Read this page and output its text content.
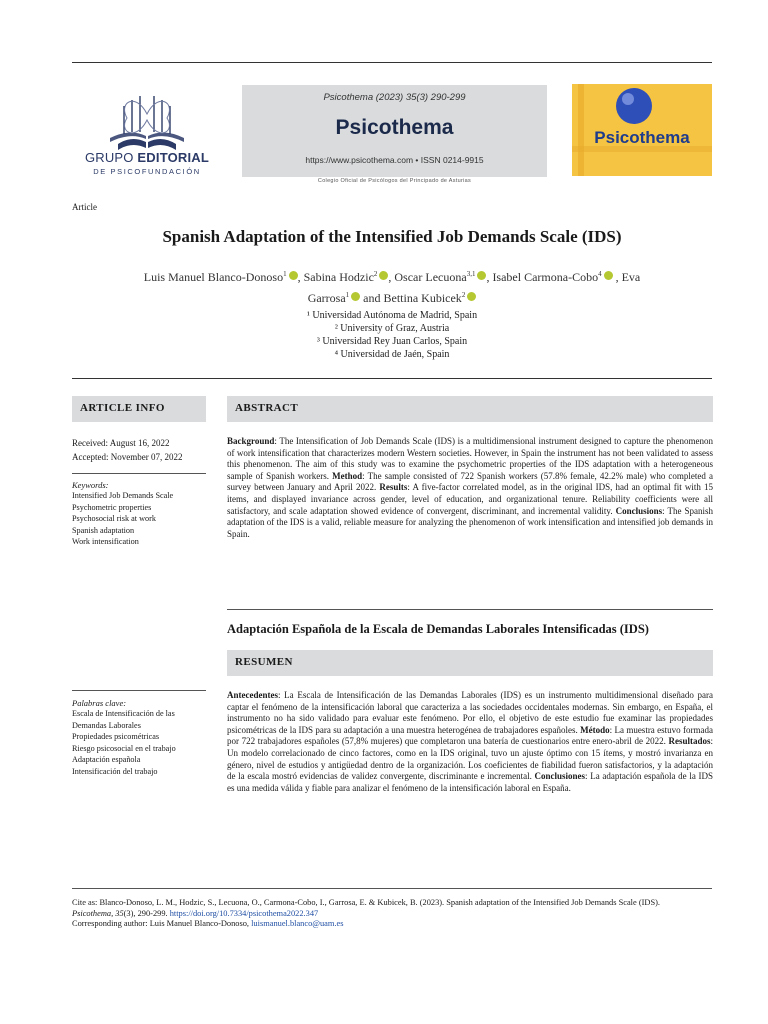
GRUPO EDITORIAL
DE PSICOFUNDACIÓN
Psicothema (2023) 35(3) 290-299
Psicothema
https://www.psicothema.com • ISSN 0214-9915
Colegio Oficial de Psicólogos del Principado de Asturias
Psicothema
Article
Spanish Adaptation of the Intensified Job Demands Scale (IDS)
Luis Manuel Blanco-Donoso$^1$ , Sabina Hodzic$^2$ , Oscar Lecuona$^{3,1}$ , Isabel Carmona-Cobo$^4$ , Eva
Garrosa$^1$ and Bettina Kubicek$^2$
¹ Universidad Autónoma de Madrid, Spain
² University of Graz, Austria
³ Universidad Rey Juan Carlos, Spain
⁴ Universidad de Jaén, Spain
ARTICLE INFO	ABSTRACT
Received: August 16, 2022
Accepted: November 07, 2022
Keywords:
Intensified Job Demands Scale
Psychometric properties
Psychosocial risk at work
Spanish adaptation
Work intensification
Background: The Intensification of Job Demands Scale (IDS) is a multidimensional instrument designed to capture the phenomenon of work intensification that characterizes modern Western societies. However, in Spain the instrument has not been validated to assess this phenomenon. The aim of this study was to examine the psychometric properties of the IDS adaptation with a heterogeneous sample of Spanish workers. Method: The sample consisted of 722 Spanish workers (57.8% female, 42.2% male) who completed a survey between January and April 2022. Results: A five-factor correlated model, as in the original IDS, had an optimal fit with 15 items, and displayed invariance across gender, level of education, and organizational tenure. Reliability coefficients were all satisfactory, and scale adaptation showed evidence of convergent, discriminant, and incremental validity. Conclusions: The Spanish adaptation of the IDS is a valid, reliable measure for analyzing the phenomenon of work intensification and intensified job demands in Spain.
Adaptación Española de la Escala de Demandas Laborales Intensificadas (IDS)
RESUMEN
Palabras clave:
Escala de Intensificación de las
Demandas Laborales
Propiedades psicométricas
Riesgo psicosocial en el trabajo
Adaptación española
Intensificación del trabajo
Antecedentes: La Escala de Intensificación de las Demandas Laborales (IDS) es un instrumento multidimensional diseñado para captar el fenómeno de la intensificación laboral que caracteriza a las sociedades occidentales modernas. Sin embargo, en España, el instrumento no ha sido validado para evaluar este fenómeno. Por ello, el objetivo de este estudio fue examinar las propiedades psicométricas de la IDS para su adaptación a una muestra heterogénea de trabajadores españoles. Método: La muestra estuvo formada por 722 trabajadores españoles (57,8% mujeres) que completaron una batería de cuestionarios entre enero-abril de 2022. Resultados: Un modelo correlacionado de cinco factores, como en la IDS original, tuvo un ajuste óptimo con 15 ítems, y mostró invarianza en género, nivel de estudios y antigüedad dentro de la organización. Los coeficientes de fiabilidad fueron satisfactorios, y la adaptación de la escala mostró evidencias de validez convergente, discriminante e incremental. Conclusiones: La adaptación española de la IDS es una medida válida y fiable para analizar el fenómeno de la intensificación laboral en España.
Cite as: Blanco-Donoso, L. M., Hodzic, S., Lecuona, O., Carmona-Cobo, I., Garrosa, E. & Kubicek, B. (2023). Spanish adaptation of the Intensified Job Demands Scale (IDS).
Psicothema, 35(3), 290-299. https://doi.org/10.7334/psicothema2022.347
Corresponding author: Luis Manuel Blanco-Donoso, luismanuel.blanco@uam.es
